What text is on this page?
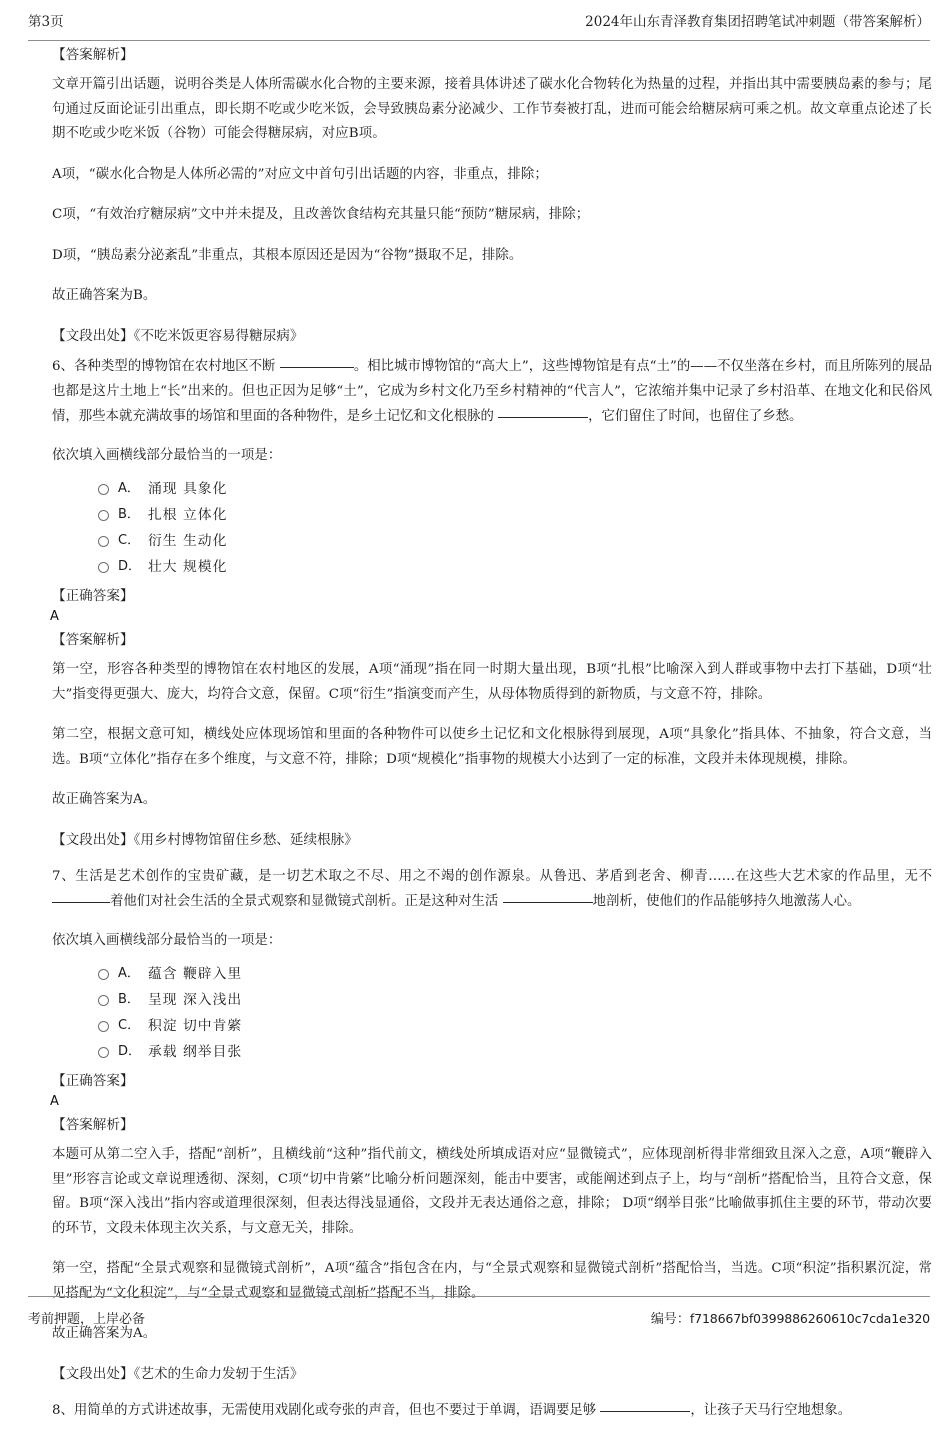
第3页	2024年山东青泽教育集团招聘笔试冲刺题（带答案解析）

【答案解析】

文章开篇引出话题，说明谷类是人体所需碳水化合物的主要来源，接着具体讲述了碳水化合物转化为热量的过程，并指出其中需要胰岛素的参与；尾句通过反面论证引出重点，即长期不吃或少吃米饭，会导致胰岛素分泌减少、工作节奏被打乱，进而可能会给糖尿病可乘之机。故文章重点论述了长期不吃或少吃米饭（谷物）可能会得糖尿病，对应B项。

A项，“碳水化合物是人体所必需的”对应文中首句引出话题的内容，非重点，排除；

C项，“有效治疗糖尿病”文中并未提及，且改善饮食结构充其量只能“预防”糖尿病，排除；

D项，“胰岛素分泌紊乱”非重点，其根本原因还是因为“谷物”摄取不足，排除。

故正确答案为B。

【文段出处】《不吃米饭更容易得糖尿病》

6、各种类型的博物馆在农村地区不断	。相比城市博物馆的“高大上”，这些博物馆是有点“土”的——不仅坐落在乡村，而且所陈列的展品也都是这片土地上“长”出来的。但也正因为足够“土”，它成为乡村文化乃至乡村精神的“代言人”，它浓缩并集中记录了乡村沿革、在地文化和民俗风情，那些本就充满故事的场馆和里面的各种物件，是乡土记忆和文化根脉的	，它们留住了时间，也留住了乡愁。

依次填入画横线部分最恰当的一项是：

A． 涌现 具象化
B． 扎根 立体化
C． 衍生 生动化
D． 壮大 规模化

【正确答案】

A

【答案解析】

第一空，形容各种类型的博物馆在农村地区的发展，A项“涌现”指在同一时期大量出现，B项“扎根”比喻深入到人群或事物中去打下基础，D项“壮大”指变得更强大、庞大，均符合文意，保留。C项“衍生”指演变而产生，从母体物质得到的新物质，与文意不符，排除。

第二空，根据文意可知，横线处应体现场馆和里面的各种物件可以使乡土记忆和文化根脉得到展现，A项“具象化”指具体、不抽象，符合文意，当选。B项“立体化”指存在多个维度，与文意不符，排除；D项“规模化”指事物的规模大小达到了一定的标准，文段并未体现规模，排除。

故正确答案为A。

【文段出处】《用乡村博物馆留住乡愁、延续根脉》

7、生活是艺术创作的宝贵矿藏，是一切艺术取之不尽、用之不竭的创作源泉。从鲁迅、茅盾到老舍、柳青……在这些大艺术家的作品里，无不 着他们对社会生活的全景式观察和显微镜式剖析。正是这种对生活	地剖析，使他们的作品能够持久地激荡人心。

依次填入画横线部分最恰当的一项是：

A． 蕴含 鞭辟入里
B． 呈现 深入浅出
C． 积淀 切中肯綮
D． 承载 纲举目张

【正确答案】

A

【答案解析】

本题可从第二空入手，搭配“剖析”，且横线前“这种”指代前文，横线处所填成语对应“显微镜式”，应体现剖析得非常细致且深入之意，A项“鞭辟入里”形容言论或文章说理透彻、深刻，C项“切中肯綮”比喻分析问题深刻，能击中要害，或能阐述到点子上，均与“剖析”搭配恰当，且符合文意，保留。B项“深入浅出”指内容或道理很深刻，但表达得浅显通俗，文段并无表达通俗之意，排除； D项“纲举目张”比喻做事抓住主要的环节，带动次要的环节，文段未体现主次关系，与文意无关，排除。

第一空，搭配“全景式观察和显微镜式剖析”，A项“蕴含”指包含在内，与“全景式观察和显微镜式剖析”搭配恰当，当选。C项“积淀”指积累沉淀，常见搭配为“文化积淀”，与“全景式观察和显微镜式剖析”搭配不当，排除。

故正确答案为A。

【文段出处】《艺术的生命力发轫于生活》

8、用简单的方式讲述故事，无需使用戏剧化或夸张的声音，但也不要过于单调，语调要足够	，让孩子天马行空地想象。

考前押题，上岸必备	编号：f718667bf0399886260610c7cda1e320
